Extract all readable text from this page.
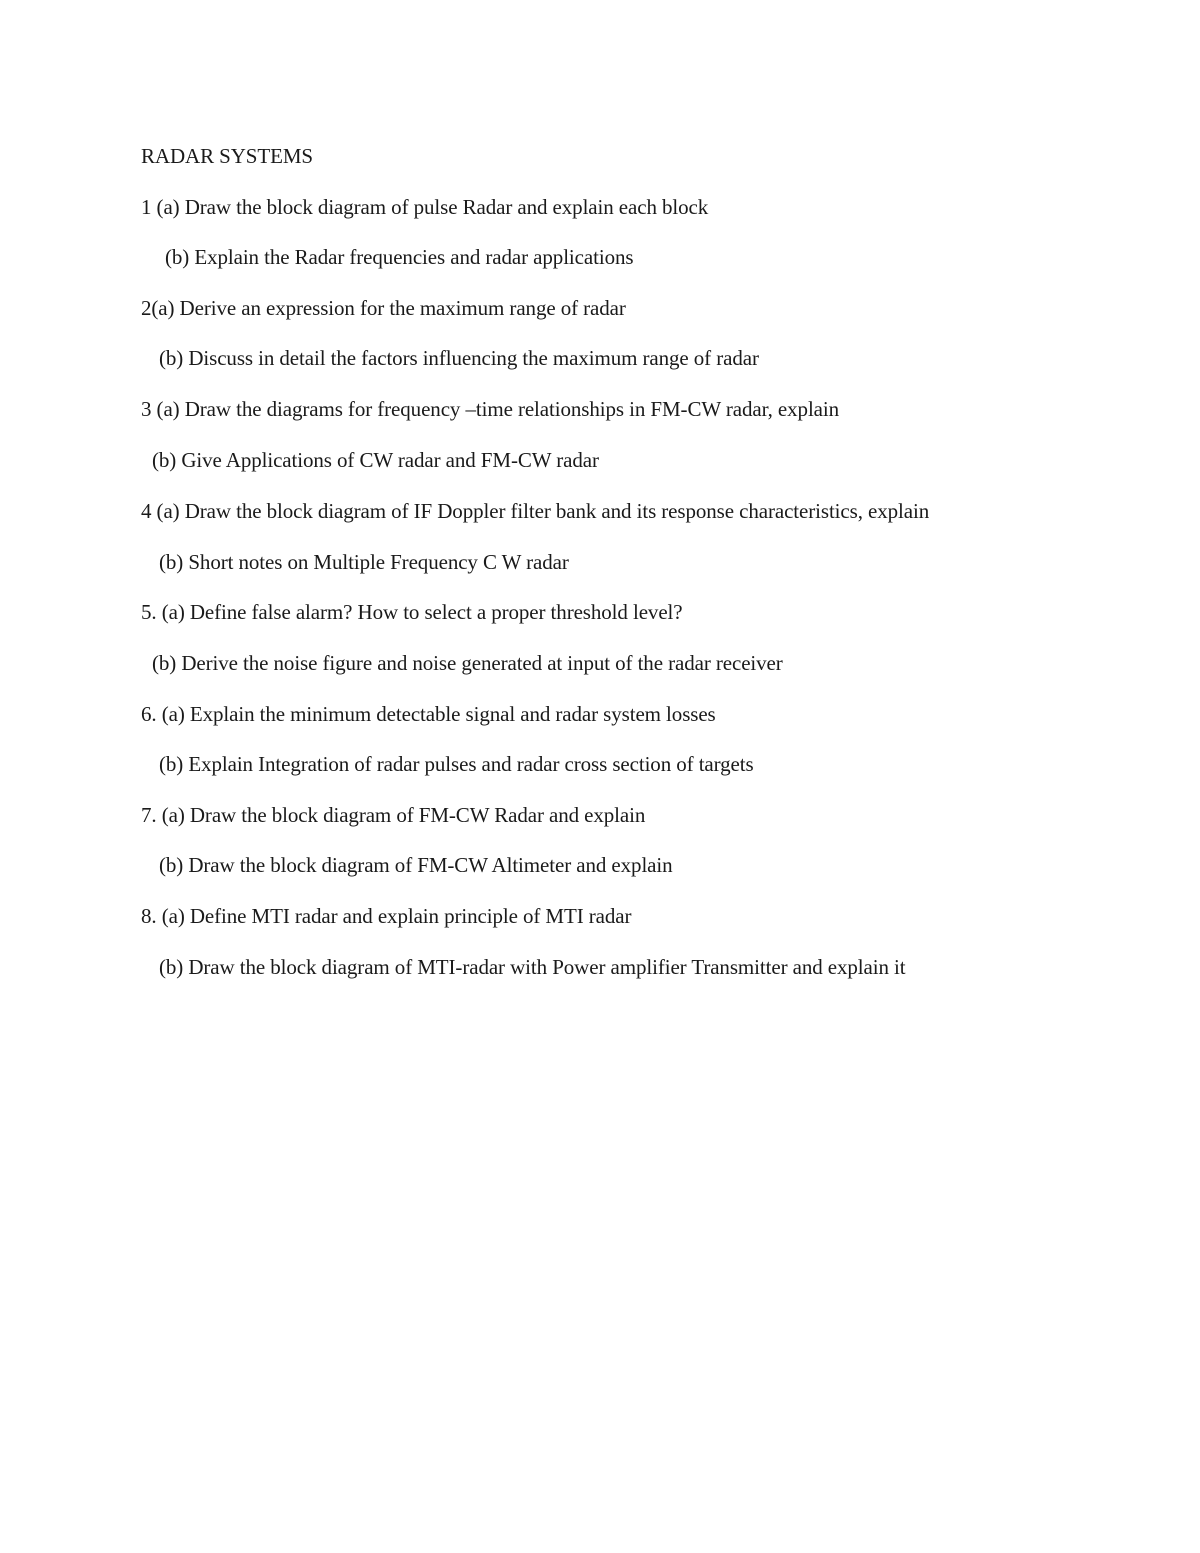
RADAR SYSTEMS
1 (a) Draw the block diagram of pulse Radar and explain each block
(b) Explain the Radar frequencies and radar applications
2(a) Derive an expression for the maximum range of radar
(b) Discuss in detail the factors influencing the maximum range of radar
3 (a) Draw the diagrams for frequency –time relationships in FM-CW radar, explain
(b) Give Applications of CW radar and FM-CW radar
4 (a) Draw the block diagram of IF Doppler filter bank and its response characteristics, explain
(b) Short notes on Multiple Frequency C W radar
5. (a) Define false alarm? How to select a proper threshold level?
(b) Derive the noise figure and noise generated at input of the radar receiver
6. (a) Explain the minimum detectable signal and radar system losses
(b) Explain Integration of radar pulses and radar cross section of targets
7. (a) Draw the block diagram of FM-CW Radar and explain
(b) Draw the block diagram of FM-CW Altimeter and explain
8. (a) Define MTI radar and explain principle of MTI radar
(b) Draw the block diagram of MTI-radar with Power amplifier Transmitter and explain it
